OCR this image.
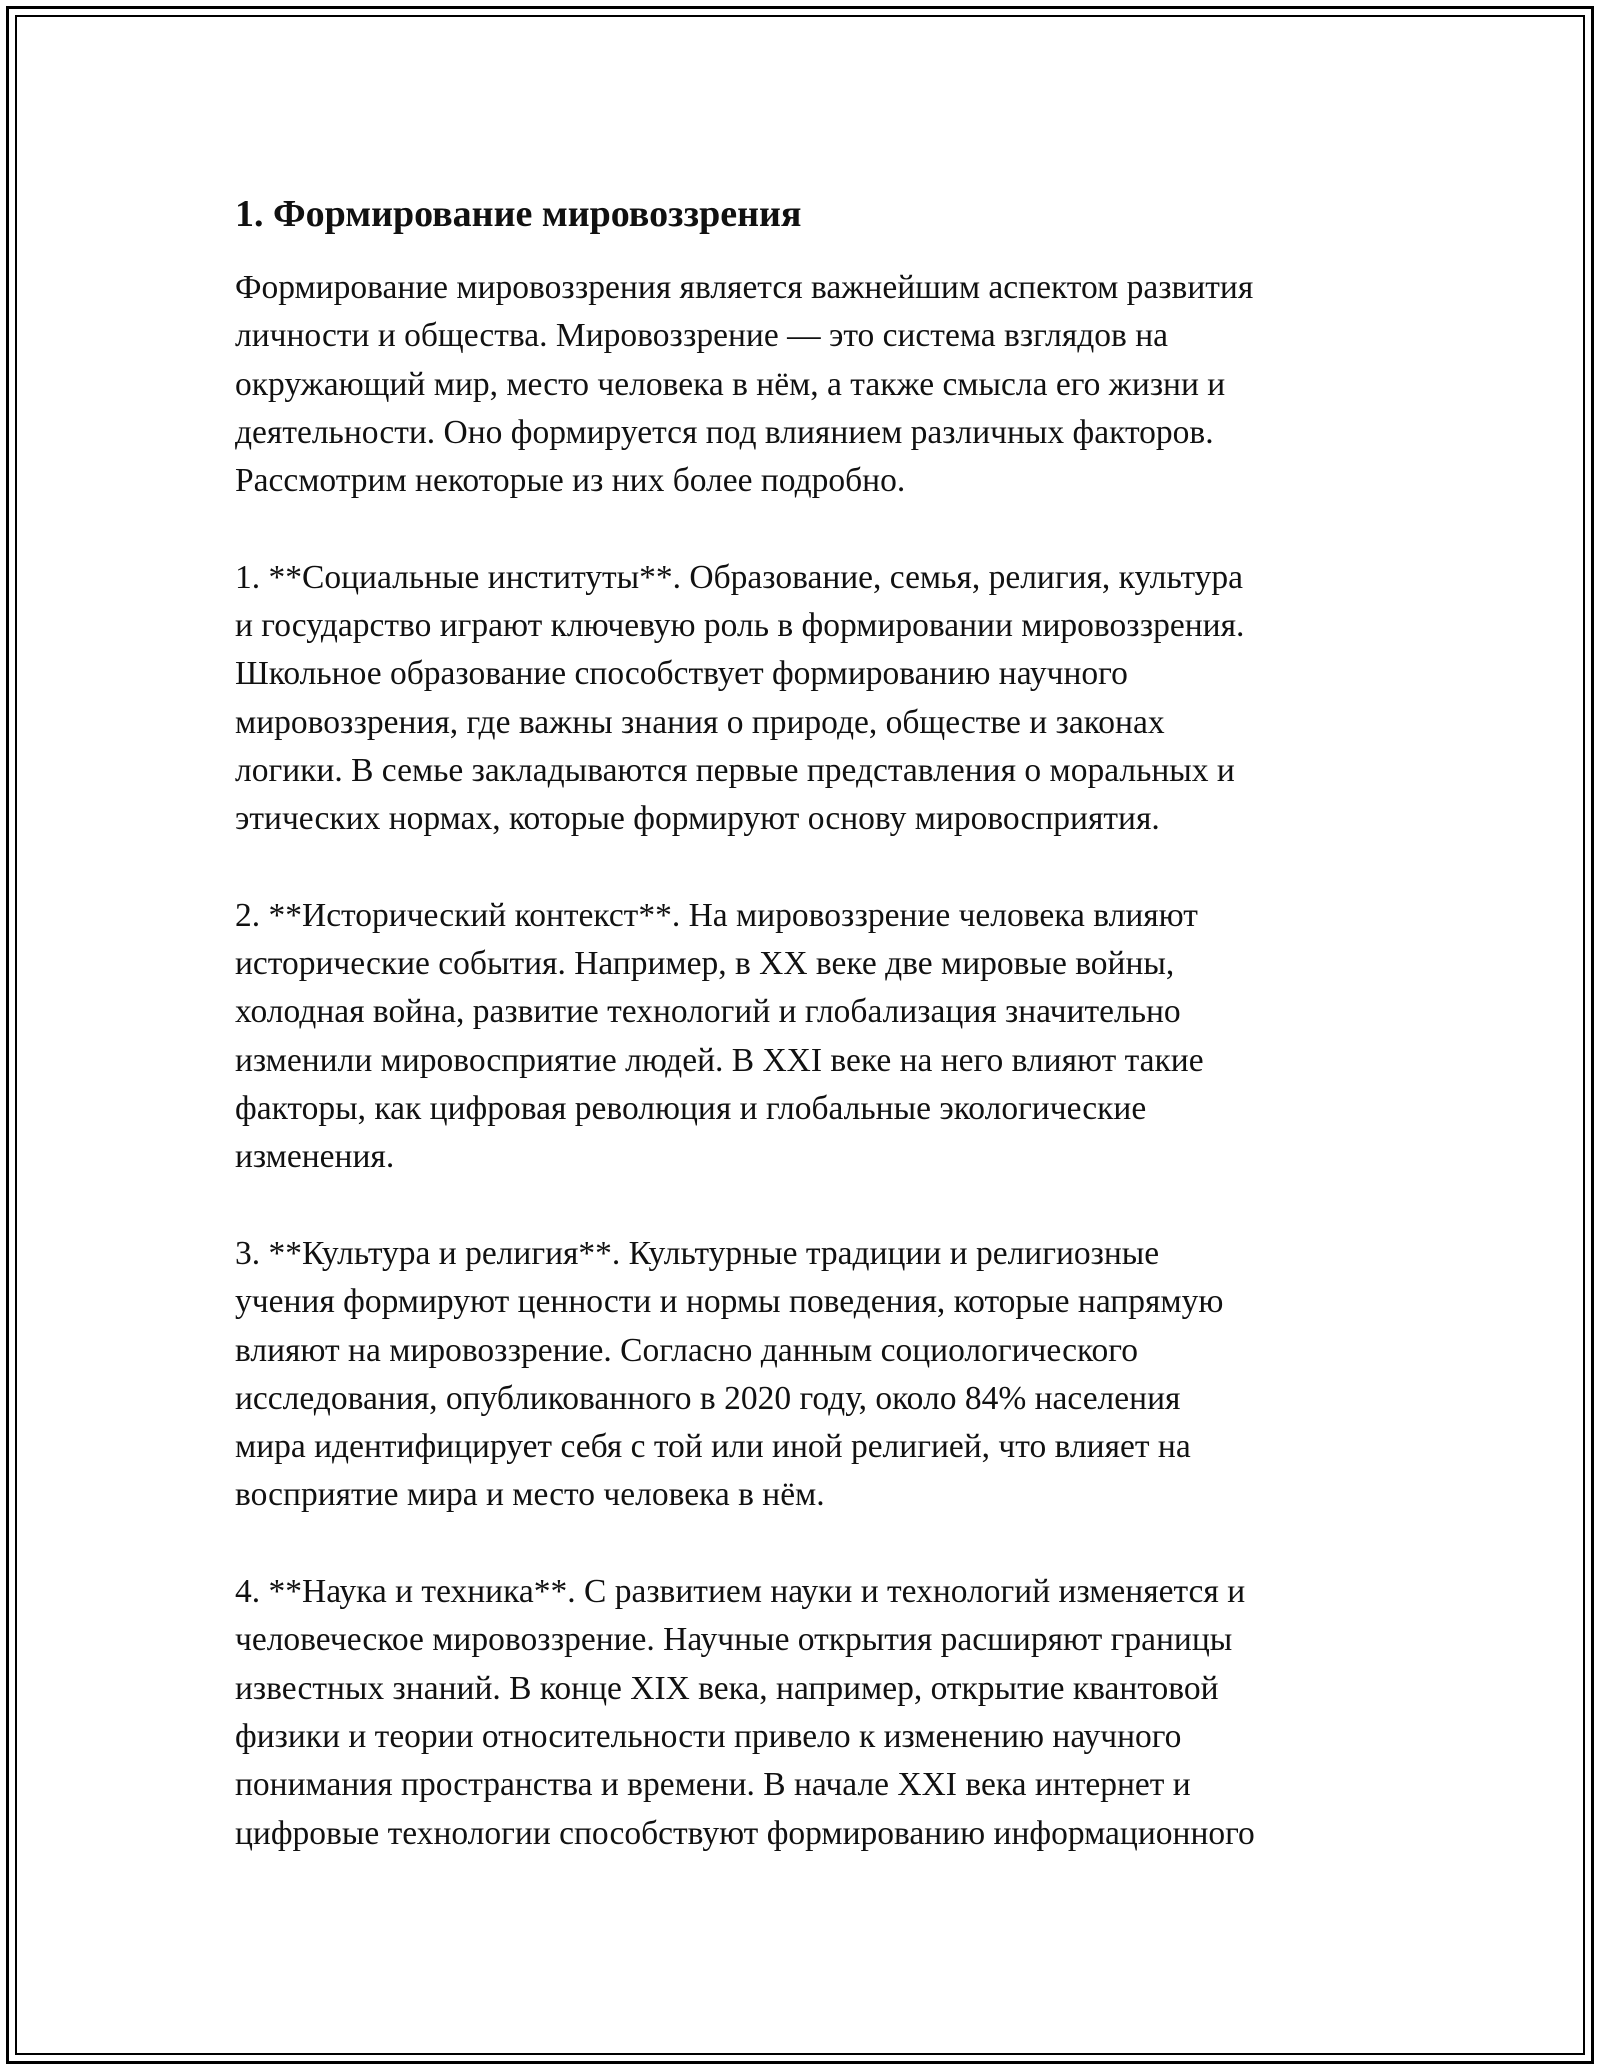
1. Формирование мировоззрения
Формирование мировоззрения является важнейшим аспектом развития
личности и общества. Мировоззрение — это система взглядов на
окружающий мир, место человека в нём, а также смысла его жизни и
деятельности. Оно формируется под влиянием различных факторов.
Рассмотрим некоторые из них более подробно.
1. **Социальные институты**. Образование, семья, религия, культура
и государство играют ключевую роль в формировании мировоззрения.
Школьное образование способствует формированию научного
мировоззрения, где важны знания о природе, обществе и законах
логики. В семье закладываются первые представления о моральных и
этических нормах, которые формируют основу мировосприятия.
2. **Исторический контекст**. На мировоззрение человека влияют
исторические события. Например, в XX веке две мировые войны,
холодная война, развитие технологий и глобализация значительно
изменили мировосприятие людей. В XXI веке на него влияют такие
факторы, как цифровая революция и глобальные экологические
изменения.
3. **Культура и религия**. Культурные традиции и религиозные
учения формируют ценности и нормы поведения, которые напрямую
влияют на мировоззрение. Согласно данным социологического
исследования, опубликованного в 2020 году, около 84% населения
мира идентифицирует себя с той или иной религией, что влияет на
восприятие мира и место человека в нём.
4. **Наука и техника**. С развитием науки и технологий изменяется и
человеческое мировоззрение. Научные открытия расширяют границы
известных знаний. В конце XIX века, например, открытие квантовой
физики и теории относительности привело к изменению научного
понимания пространства и времени. В начале XXI века интернет и
цифровые технологии способствуют формированию информационного
